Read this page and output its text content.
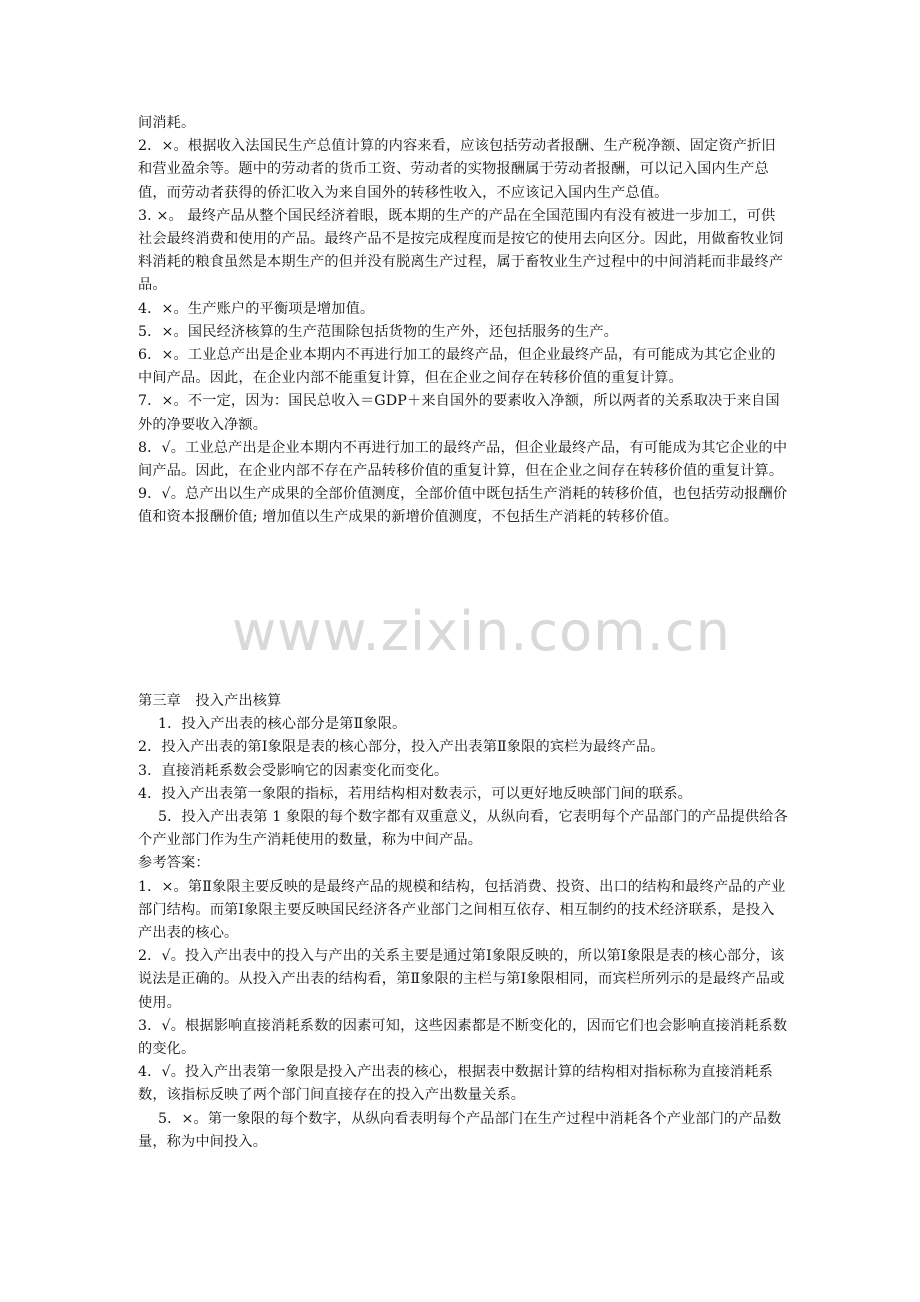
间消耗。

2．×。根据收入法国民生产总值计算的内容来看，应该包括劳动者报酬、生产税净额、固定资产折旧和营业盈余等。题中的劳动者的货币工资、劳动者的实物报酬属于劳动者报酬，可以记入国内生产总值，而劳动者获得的侨汇收入为来自国外的转移性收入，不应该记入国内生产总值。

3. ×。 最终产品从整个国民经济着眼，既本期的生产的产品在全国范围内有没有被进一步加工，可供社会最终消费和使用的产品。最终产品不是按完成程度而是按它的使用去向区分。因此，用做畜牧业饲料消耗的粮食虽然是本期生产的但并没有脱离生产过程，属于畜牧业生产过程中的中间消耗而非最终产品。

4．×。生产账户的平衡项是增加值。

5．×。国民经济核算的生产范围除包括货物的生产外，还包括服务的生产。

6．×。工业总产出是企业本期内不再进行加工的最终产品，但企业最终产品，有可能成为其它企业的中间产品。因此，在企业内部不能重复计算，但在企业之间存在转移价值的重复计算。

7．×。不一定，因为：国民总收入＝GDP＋来自国外的要素收入净额，所以两者的关系取决于来自国外的净要收入净额。

8．√。工业总产出是企业本期内不再进行加工的最终产品，但企业最终产品，有可能成为其它企业的中间产品。因此，在企业内部不存在产品转移价值的重复计算，但在企业之间存在转移价值的重复计算。

9．√。总产出以生产成果的全部价值测度，全部价值中既包括生产消耗的转移价值，也包括劳动报酬价值和资本报酬价值; 增加值以生产成果的新增价值测度，不包括生产消耗的转移价值。

www.zixin.com.cn

第三章　投入产出核算

1．投入产出表的核心部分是第Ⅱ象限。

2．投入产出表的第Ⅰ象限是表的核心部分，投入产出表第Ⅱ象限的宾栏为最终产品。

3．直接消耗系数会受影响它的因素变化而变化。

4．投入产出表第一象限的指标，若用结构相对数表示，可以更好地反映部门间的联系。

5．投入产出表第 1 象限的每个数字都有双重意义，从纵向看，它表明每个产品部门的产品提供给各个产业部门作为生产消耗使用的数量，称为中间产品。

参考答案：

1．×。第Ⅱ象限主要反映的是最终产品的规模和结构，包括消费、投资、出口的结构和最终产品的产业部门结构。而第Ⅰ象限主要反映国民经济各产业部门之间相互依存、相互制约的技术经济联系，是投入产出表的核心。

2．√。投入产出表中的投入与产出的关系主要是通过第Ⅰ象限反映的，所以第Ⅰ象限是表的核心部分，该说法是正确的。从投入产出表的结构看，第Ⅱ象限的主栏与第Ⅰ象限相同，而宾栏所列示的是最终产品或使用。

3．√。根据影响直接消耗系数的因素可知，这些因素都是不断变化的，因而它们也会影响直接消耗系数的变化。

4．√。投入产出表第一象限是投入产出表的核心，根据表中数据计算的结构相对指标称为直接消耗系数，该指标反映了两个部门间直接存在的投入产出数量关系。

5．×。第一象限的每个数字，从纵向看表明每个产品部门在生产过程中消耗各个产业部门的产品数量，称为中间投入。
